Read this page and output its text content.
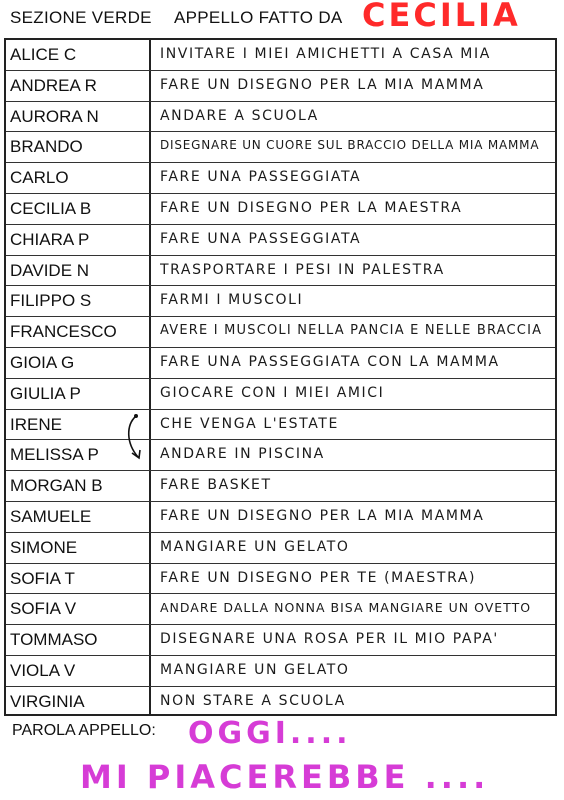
SEZIONE VERDE APPELLO FATTO DA CECILIA
ALICE C	INVITARE I MIEI AMICHETTI A CASA MIA
ANDREA R	FARE UN DISEGNO PER LA MIA MAMMA
AURORA N	ANDARE A SCUOLA
BRANDO	DISEGNARE UN CUORE SUL BRACCIO DELLA MIA MAMMA
CARLO	FARE UNA PASSEGGIATA
CECILIA B	FARE UN DISEGNO PER LA MAESTRA
CHIARA P	FARE UNA PASSEGGIATA
DAVIDE N	TRASPORTARE I PESI IN PALESTRA
FILIPPO S	FARMI I MUSCOLI
FRANCESCO	AVERE I MUSCOLI NELLA PANCIA E NELLE BRACCIA
GIOIA G	FARE UNA PASSEGGIATA CON LA MAMMA
GIULIA P	GIOCARE CON I MIEI AMICI
IRENE	CHE VENGA L'ESTATE
MELISSA P	ANDARE IN PISCINA
MORGAN B	FARE BASKET
SAMUELE	FARE UN DISEGNO PER LA MIA MAMMA
SIMONE	MANGIARE UN GELATO
SOFIA T	FARE UN DISEGNO PER TE (MAESTRA)
SOFIA V	ANDARE DALLA NONNA BISA MANGIARE UN OVETTO
TOMMASO	DISEGNARE UNA ROSA PER IL MIO PAPA'
VIOLA V	MANGIARE UN GELATO
VIRGINIA	NON STARE A SCUOLA
PAROLA APPELLO: OGGI....
MI PIACEREBBE ....
